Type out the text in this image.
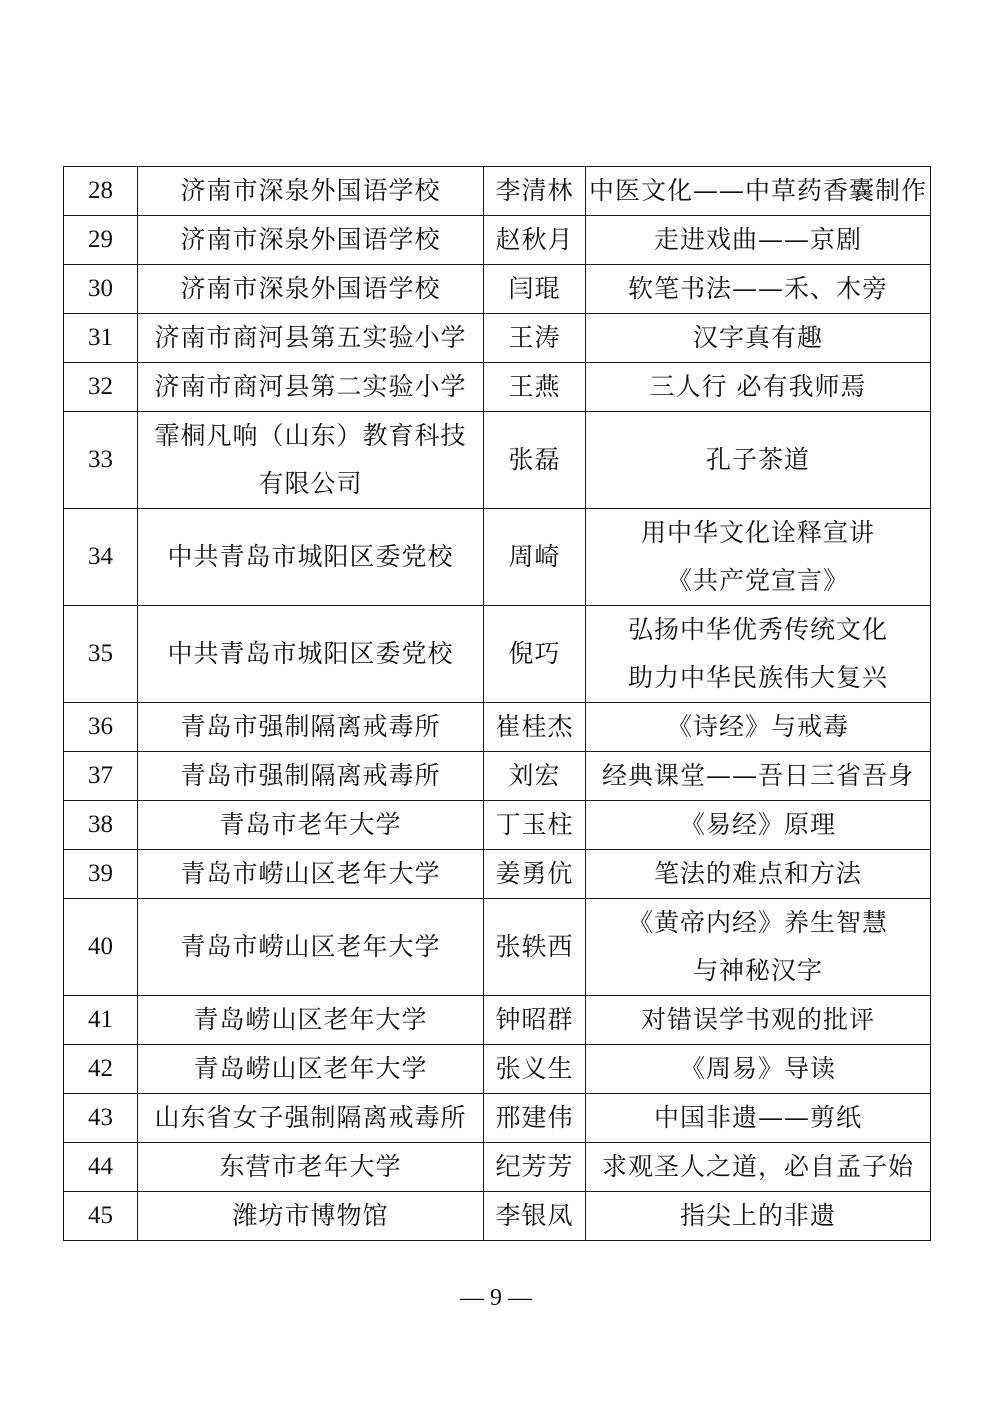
28	济南市深泉外国语学校	李清林	中医文化——中草药香囊制作

29	济南市深泉外国语学校	赵秋月	走进戏曲——京剧

30	济南市深泉外国语学校	闫琨	软笔书法——禾、木旁

31	济南市商河县第五实验小学	王涛	汉字真有趣

32	济南市商河县第二实验小学	王燕	三人行 必有我师焉

33	霏桐凡响（山东）教育科技
有限公司	张磊	孔子茶道

34	中共青岛市城阳区委党校	周崎	用中华文化诠释宣讲
《共产党宣言》

35	中共青岛市城阳区委党校	倪巧	弘扬中华优秀传统文化
助力中华民族伟大复兴

36	青岛市强制隔离戒毒所	崔桂杰	《诗经》与戒毒

37	青岛市强制隔离戒毒所	刘宏	经典课堂——吾日三省吾身

38	青岛市老年大学	丁玉柱	《易经》原理

39	青岛市崂山区老年大学	姜勇伉	笔法的难点和方法

40	青岛市崂山区老年大学	张轶西	《黄帝内经》养生智慧
与神秘汉字

41	青岛崂山区老年大学	钟昭群	对错误学书观的批评

42	青岛崂山区老年大学	张义生	《周易》导读

43	山东省女子强制隔离戒毒所	邢建伟	中国非遗——剪纸

44	东营市老年大学	纪芳芳	求观圣人之道，必自孟子始

45	潍坊市博物馆	李银凤	指尖上的非遗
— 9 —
